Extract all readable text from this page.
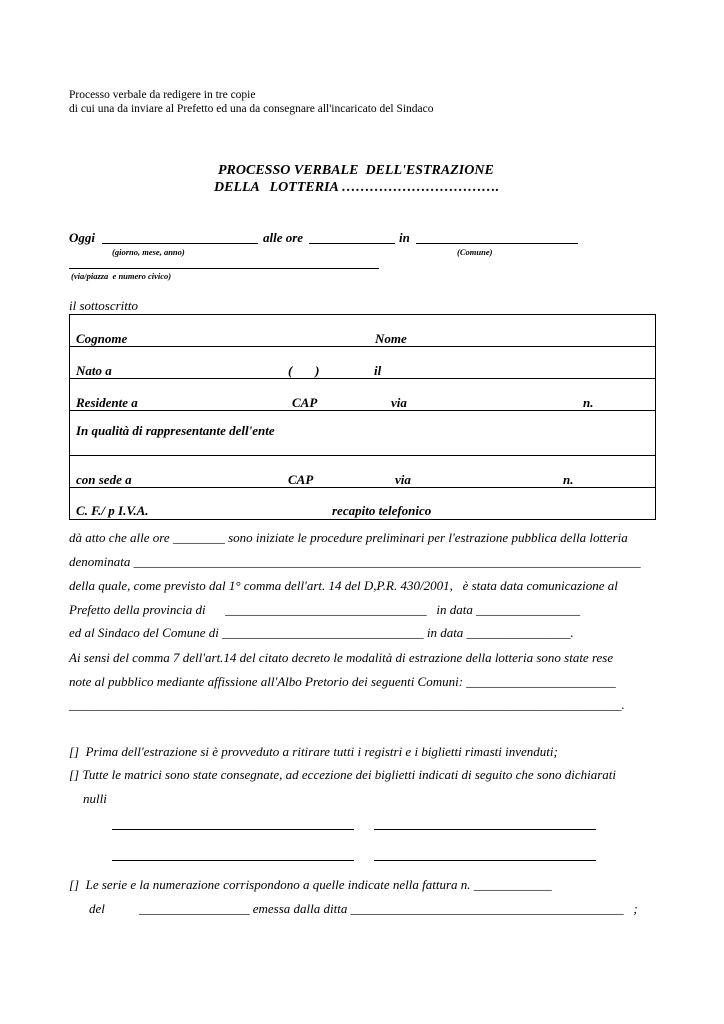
Processo verbale da redigere in tre copie
di cui una da inviare al Prefetto ed una da consegnare all'incaricato del Sindaco
PROCESSO VERBALE  DELL'ESTRAZIONE
DELLA   LOTTERIA …………………………….
Oggi	alle ore	in
(giorno, mese, anno)	(Comune)
(via/piazza  e numero civico)
il sottoscritto
Cognome	Nome

Nato a	(       )	il

Residente a	CAP	via	n.

In qualità di rappresentante dell'ente

con sede a	CAP	via	n.

C. F./ p I.V.A.	recapito telefonico
dà atto che alle ore ________ sono iniziate le procedure preliminari per l'estrazione pubblica della lotteria
denominata ______________________________________________________________________________
della quale, come previsto dal 1° comma dell'art. 14 del D,P.R. 430/2001,   è stata data comunicazione al
Prefetto della provincia di      _______________________________   in data ________________
ed al Sindaco del Comune di _______________________________ in data ________________.
Ai sensi del comma 7 dell'art.14 del citato decreto le modalità di estrazione della lotteria sono state rese
note al pubblico mediante affissione all'Albo Pretorio dei seguenti Comuni: _______________________
_____________________________________________________________________________________.
[]  Prima dell'estrazione si è provveduto a ritirare tutti i registri e i biglietti rimasti invenduti;
[] Tutte le matrici sono state consegnate, ad eccezione dei biglietti indicati di seguito che sono dichiarati
nulli
[]  Le serie e la numerazione corrispondono a quelle indicate nella fattura n. ____________
del	_________________ emessa dalla ditta __________________________________________   ;
